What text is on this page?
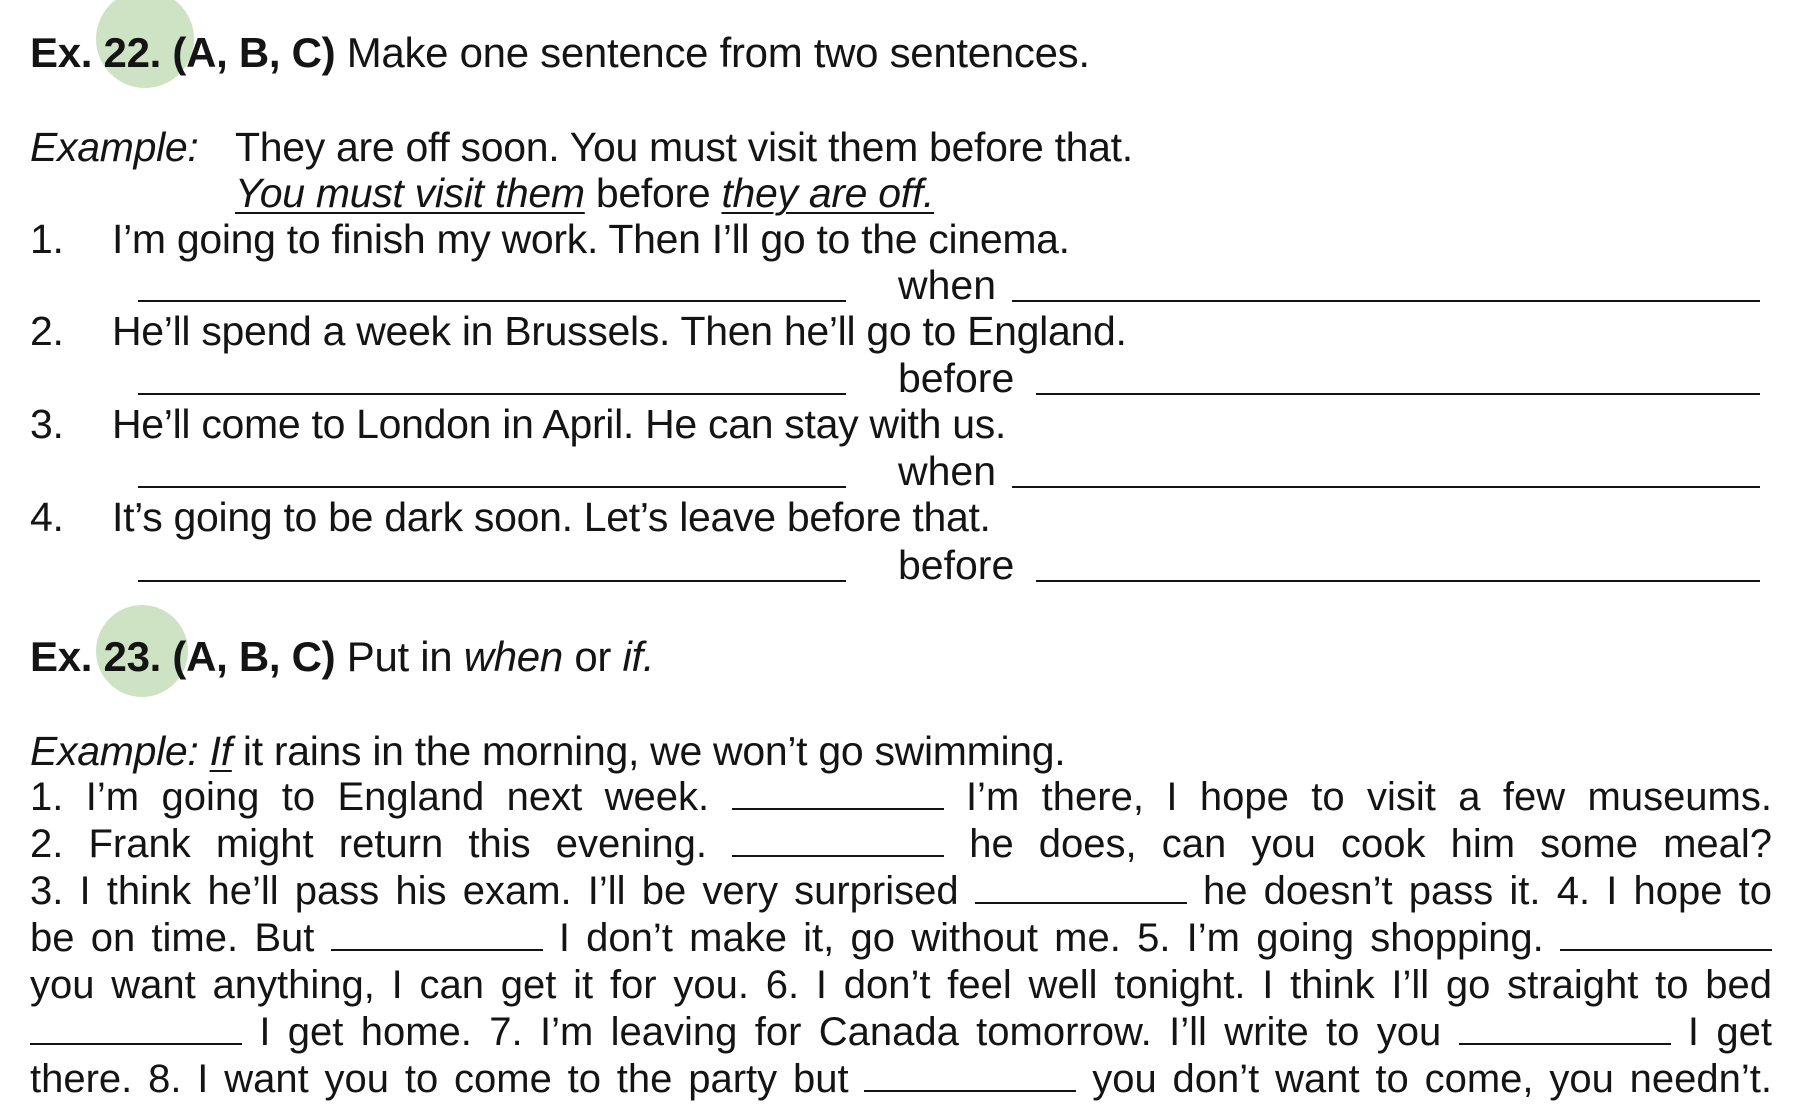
Ex. 22. (A, B, C) Make one sentence from two sentences.
Example: They are off soon. You must visit them before that.
You must visit them before they are off.
1. I’m going to finish my work. Then I’ll go to the cinema.
when
2. He’ll spend a week in Brussels. Then he’ll go to England.
before
3. He’ll come to London in April. He can stay with us.
when
4. It’s going to be dark soon. Let’s leave before that.
before
Ex. 23. (A, B, C) Put in when or if.
Example: If it rains in the morning, we won’t go swimming.
1. I’m going to England next week.	I’m there, I hope to visit a few museums.
2. Frank might return this evening.	he does, can you cook him some meal?
3. I think he’ll pass his exam. I’ll be very surprised	he doesn’t pass it. 4. I hope to
be on time. But	I don’t make it, go without me. 5. I’m going shopping.
you want anything, I can get it for you. 6. I don’t feel well tonight. I think I’ll go straight to bed
I get home. 7. I’m leaving for Canada tomorrow. I’ll write to you	I get
there. 8. I want you to come to the party but	you don’t want to come, you needn’t.
